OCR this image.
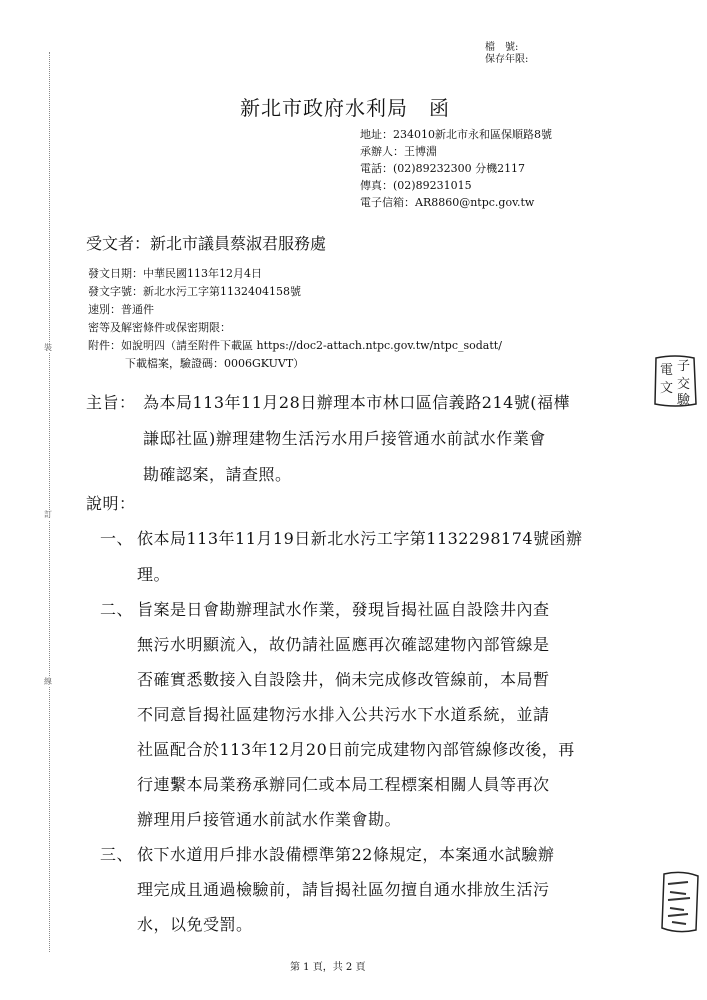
裝
訂
線
檔　號:
保存年限:
新北市政府水利局　函
地址：234010新北市永和區保順路8號
承辦人：王博淵
電話：(02)89232300 分機2117
傳真：(02)89231015
電子信箱：AR8860@ntpc.gov.tw
受文者：新北市議員蔡淑君服務處
發文日期：中華民國113年12月4日
發文字號：新北水污工字第1132404158號
速別：普通件
密等及解密條件或保密期限：
附件：如說明四（請至附件下載區 https://doc2-attach.ntpc.gov.tw/ntpc_sodatt/
下載檔案，驗證碼：0006GKUVT）
主旨： 為本局113年11月28日辦理本市林口區信義路214號(福樺
謙邸社區)辦理建物生活污水用戶接管通水前試水作業會
勘確認案，請查照。
說明：
一、 依本局113年11月19日新北水污工字第1132298174號函辦
理。
二、 旨案是日會勘辦理試水作業，發現旨揭社區自設陰井內查
無污水明顯流入，故仍請社區應再次確認建物內部管線是
否確實悉數接入自設陰井，倘未完成修改管線前，本局暫
不同意旨揭社區建物污水排入公共污水下水道系統，並請
社區配合於113年12月20日前完成建物內部管線修改後，再
行連繫本局業務承辦同仁或本局工程標案相關人員等再次
辦理用戶接管通水前試水作業會勘。
三、 依下水道用戶排水設備標準第22條規定，本案通水試驗辦
理完成且通過檢驗前，請旨揭社區勿擅自通水排放生活污
水，以免受罰。
電 子
文 交
驗
第 1 頁，共 2 頁
